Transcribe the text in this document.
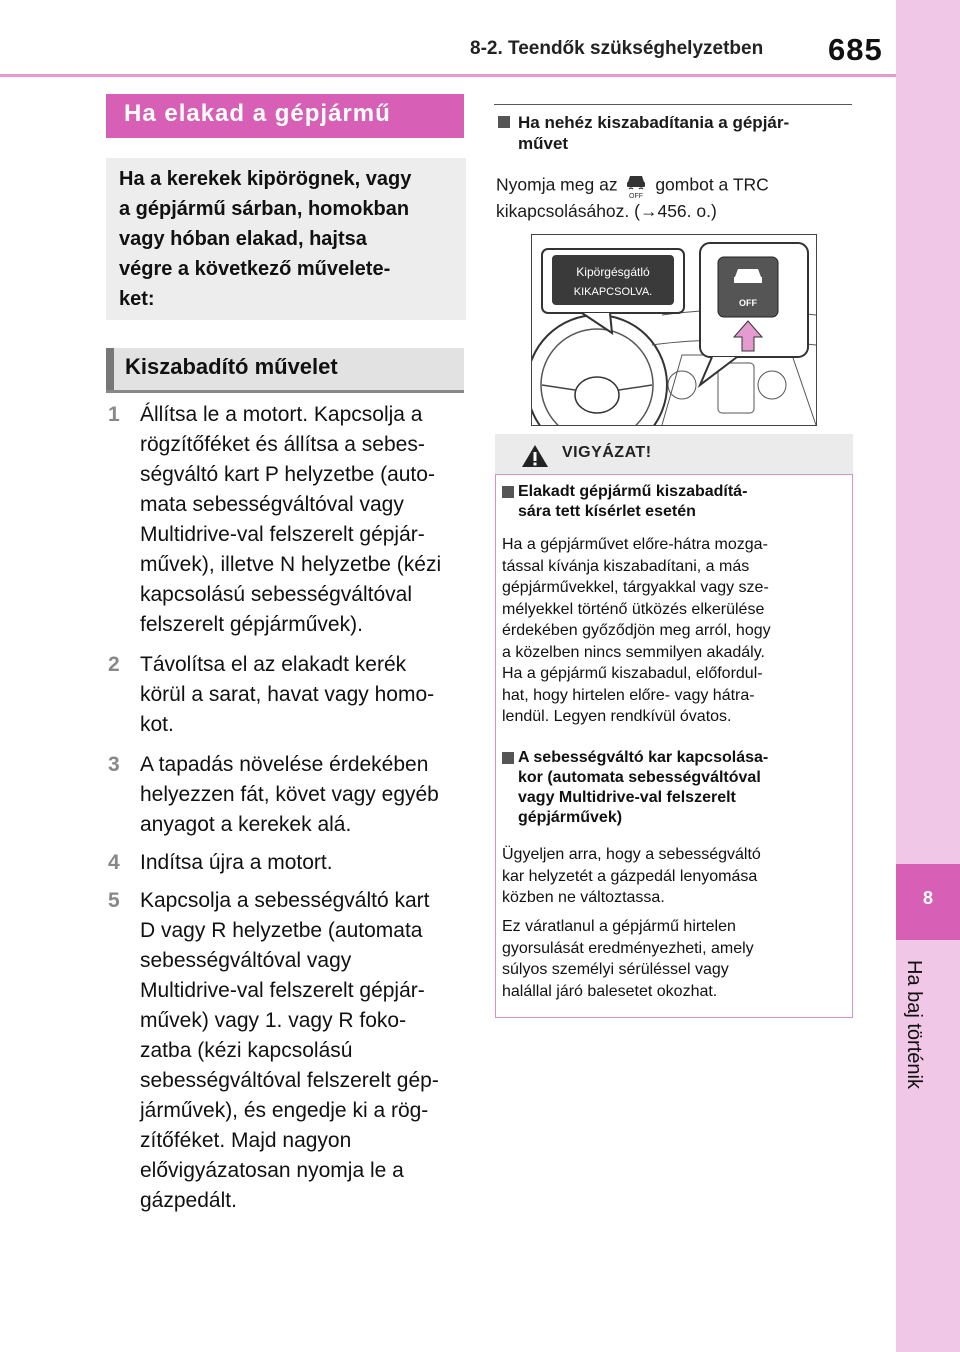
8-2. Teendők szükséghelyzetben 685
8
Ha baj történik
Ha elakad a gépjármű
Ha a kerekek kipörögnek, vagy
a gépjármű sárban, homokban
vagy hóban elakad, hajtsa
végre a következő művelete-
ket:
Kiszabadító művelet
1 Állítsa le a motort. Kapcsolja a
rögzítőféket és állítsa a sebes-
ségváltó kart P helyzetbe (auto-
mata sebességváltóval vagy
Multidrive-val felszerelt gépjár-
művek), illetve N helyzetbe (kézi
kapcsolású sebességváltóval
felszerelt gépjárművek).
2 Távolítsa el az elakadt kerék
körül a sarat, havat vagy homo-
kot.
3 A tapadás növelése érdekében
helyezzen fát, követ vagy egyéb
anyagot a kerekek alá.
4 Indítsa újra a motort.
5 Kapcsolja a sebességváltó kart
D vagy R helyzetbe (automata
sebességváltóval vagy
Multidrive-val felszerelt gépjár-
művek) vagy 1. vagy R foko-
zatba (kézi kapcsolású
sebességváltóval felszerelt gép-
járművek), és engedje ki a rög-
zítőféket. Majd nagyon
elővigyázatosan nyomja le a
gázpedált.
Ha nehéz kiszabadítania a gépjár-
művet
Nyomja meg az
OFF
gombot a TRC
kikapcsolásához. (→456. o.)
Kipörgésgátló
KIKAPCSOLVA.
OFF
VIGYÁZAT!
Elakadt gépjármű kiszabadítá-
sára tett kísérlet esetén
Ha a gépjárművet előre-hátra mozga-
tással kívánja kiszabadítani, a más
gépjárművekkel, tárgyakkal vagy sze-
mélyekkel történő ütközés elkerülése
érdekében győződjön meg arról, hogy
a közelben nincs semmilyen akadály.
Ha a gépjármű kiszabadul, előfordul-
hat, hogy hirtelen előre- vagy hátra-
lendül. Legyen rendkívül óvatos.
A sebességváltó kar kapcsolása-
kor (automata sebességváltóval
vagy Multidrive-val felszerelt
gépjárművek)
Ügyeljen arra, hogy a sebességváltó
kar helyzetét a gázpedál lenyomása
közben ne változtassa.
Ez váratlanul a gépjármű hirtelen
gyorsulását eredményezheti, amely
súlyos személyi sérüléssel vagy
halállal járó balesetet okozhat.
